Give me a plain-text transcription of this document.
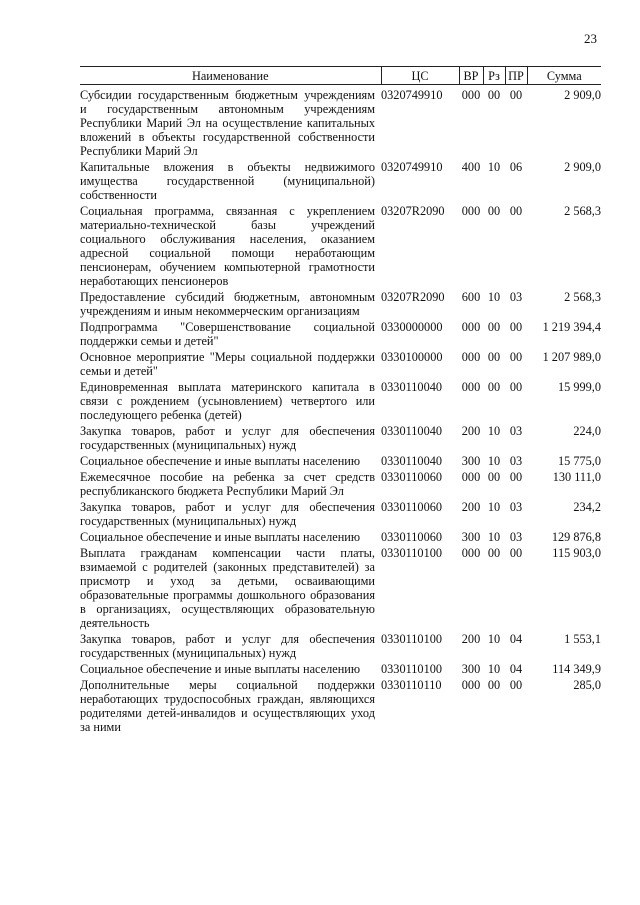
23
Наименование	ЦС	ВР	Рз	ПР	Сумма

Субсидии государственным бюджетным учреждениям и государственным автономным учреждениям Республики Марий Эл на осуществление капитальных вложений в объекты государственной собственности Республики Марий Эл	0320749910	000	00	00	2 909,0
Капитальные вложения в объекты недвижимого имущества государственной (муниципальной) собственности	0320749910	400	10	06	2 909,0
Социальная программа, связанная с укреплением материально-технической базы учреждений социального обслуживания населения, оказанием адресной социальной помощи неработающим пенсионерам, обучением компьютерной грамотности неработающих пенсионеров	03207R2090	000	00	00	2 568,3
Предоставление субсидий бюджетным, автономным учреждениям и иным некоммерческим организациям	03207R2090	600	10	03	2 568,3
Подпрограмма "Совершенствование социальной поддержки семьи и детей"	0330000000	000	00	00	1 219 394,4
Основное мероприятие "Меры социальной поддержки семьи и детей"	0330100000	000	00	00	1 207 989,0
Единовременная выплата материнского капитала в связи с рождением (усыновлением) четвертого или последующего ребенка (детей)	0330110040	000	00	00	15 999,0
Закупка товаров, работ и услуг для обеспечения государственных (муниципальных) нужд	0330110040	200	10	03	224,0
Социальное обеспечение и иные выплаты населению	0330110040	300	10	03	15 775,0
Ежемесячное пособие на ребенка за счет средств республиканского бюджета Республики Марий Эл	0330110060	000	00	00	130 111,0
Закупка товаров, работ и услуг для обеспечения государственных (муниципальных) нужд	0330110060	200	10	03	234,2
Социальное обеспечение и иные выплаты населению	0330110060	300	10	03	129 876,8
Выплата гражданам компенсации части платы, взимаемой с родителей (законных представителей) за присмотр и уход за детьми, осваивающими образовательные программы дошкольного образования в организациях, осуществляющих образовательную деятельность	0330110100	000	00	00	115 903,0
Закупка товаров, работ и услуг для обеспечения государственных (муниципальных) нужд	0330110100	200	10	04	1 553,1
Социальное обеспечение и иные выплаты населению	0330110100	300	10	04	114 349,9
Дополнительные меры социальной поддержки неработающих трудоспособных граждан, являющихся родителями детей-инвалидов и осуществляющих уход за ними	0330110110	000	00	00	285,0
